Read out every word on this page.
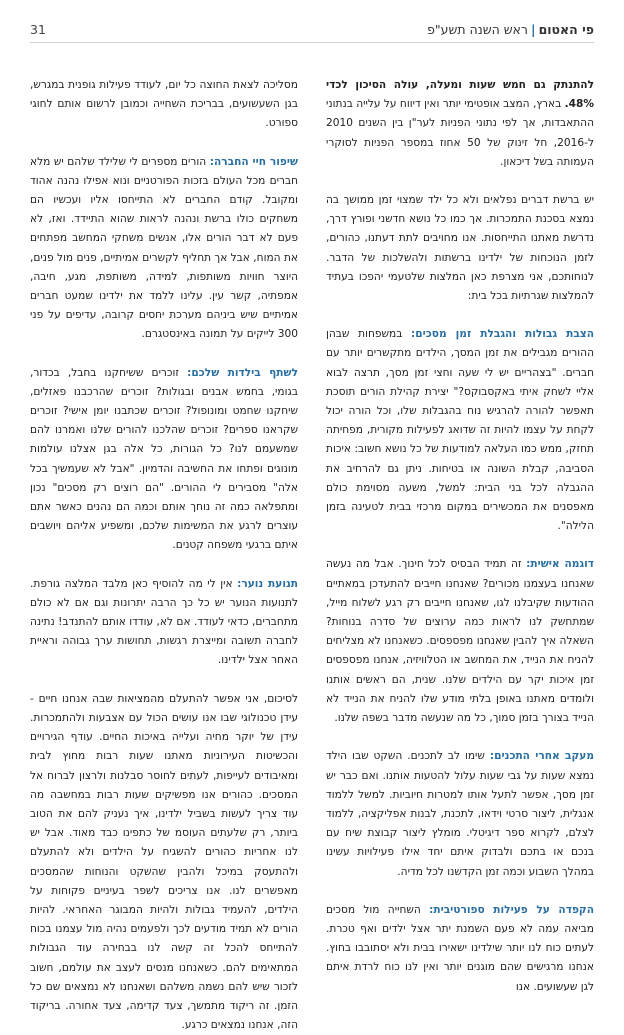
פי האטום|ראש השנה תשע"פ
31

להתנתק גם חמש שעות ומעלה, עולה הסיכון לכדי 48%. בארץ, המצב אופטימי יותר ואין דיווח על עלייה בנתוני ההתאבדות, אך לפי נתוני הפניות לער"ן בין השנים 2010 ל-2016, חל זינוק של 50 אחוז במספר הפניות לסוקרי העמותה בשל דיכאון.

יש ברשת דברים נפלאים ולא כל ילד שמצוי זמן ממושך בה נמצא בסכנת התמכרות. אך כמו כל נושא חדשני ופורץ דרך, נדרשת מאתנו התייחסות. אנו מחויבים לתת דעתנו, כהורים, לזמן הנוכחות של ילדינו ברשתות ולהשלכות של הדבר. לנוחותכם, אני מצרפת כאן המלצות שלטעמי יהפכו בעתיד להמלצות שגרתיות בכל בית:

הצבת גבולות והגבלת זמן מסכים: במשפחות שבהן ההורים מגבילים את זמן המסך, הילדים מתקשרים יותר עם חברים. "בצהריים יש לי שעה וחצי זמן מסך, תרצה לבוא אליי לשחק איתי באקסבוקס?" יצירת קהילת הורים תוסכת תאפשר להורה להרגיש נוח בהגבלות שלו, וכל הורה יכול לקחת על עצמו להיות זה שדואג לפעילות מקורית, מפחיתה תחזק, ממש כמו העלאה למודעות של כל נושא חשוב: איכות הסביבה, קבלת השונה או בטיחות. ניתן גם להרחיב את ההגבלה לכל בני הבית: למשל, משעה מסוימת כולם מאפסנים את המכשירים במקום מרכזי בבית לטעינה בזמן הלילה".

דוגמה אישית: זה תמיד הבסיס לכל חינוך. אבל מה נעשה שאנחנו בעצמנו מכורים? שאנחנו חייבים להתעדכן במאתיים ההודעות שקיבלנו לגו, שאנחנו חייבים רק רגע לשלוח מייל, שמתחשק לנו לראות כמה ערוצים של סדרה בנוחות? השאלה איך להבין שאנחנו מפספסים. כשאנחנו לא מצליחים להניח את הנייד, את המחשב או הטלוויזיה, אנחנו מפספסים זמן איכות יקר עם הילדים שלנו. שנית, הם ראשים אותנו ולומדים מאתנו באופן בלתי מודע שלו להניח את הנייד לא הנייד בצורך בזמן סמוך, כל מה שנעשה מדבר בשפה שלנו.

מעקב אחרי התכנים: שימו לב לתכנים. השקט שבו הילד נמצא שעות על גבי שעות עלול להטעות אותנו. ואם כבר יש זמן מסך, אפשר לתעל אותו למטרות חיוביות. למשל ללמוד אנגלית, ליצור סרטי וידאו, לתכנת, לבנות אפליקציה, ללמוד לצלם, לקרוא ספר דיגיטלי. מומלץ ליצור קבוצת שיח עם בנכם או בתכם ולבדוק איתם יחד אילו פעילויות עשינו במהלך השבוע וכמה זמן הקדשנו לכל מדיה.

הקפדה על פעילות ספורטיבית: השחייה מול מסכים מביאה עמה לא פעם השמנת יתר אצל ילדים ואף טכרת. לעתים כוח לנו יותר שילדינו ישאירו בבית ולא יסתובבו בחוץ. אנחנו מרגישים שהם מוגנים יותר ואין לנו כוח לרדת איתם לגן שעשועים. אנו

מסליכה לצאת החוצה כל יום, לעודד פעילות גופנית במגרש, בגן השעשועים, בבריכת השחייה וכמובן לרשום אותם לחוגי ספורט.

שיפור חיי החברה: הורים מספרים לי שלילד שלהם יש מלא חברים מכל העולם בזכות הפורטניים ונוא אפילו נהנה אהוד ומקובל. קודם החברים לא התייחסו אליו ועכשיו הם משחקים כולו ברשת ונהנה לראות שהוא התיידד. ואז, לא פעם לא דבר הורים אלו, אנשים משחקי המחשב מפתחים את המוח, אבל אך תחליף לקשרים אמיתיים, פנים מול פנים, היוצר חוויות משותפות, למידה, משותפת, מגע, חיבה, אמפתיה, קשר עין. עלינו ללמד את ילדינו שמעט חברים אמיתיים שיש ביניהם מערכת יחסים קרובה, עדיפים על פני 300 לייקים על תמונה באינסטגרם.

לשתף בילדות שלכם: זוכרים ששיחקנו בחבל, בכדור, בגומי, בחמש אבנים ובגולות? זוכרים שהרכבנו פאזלים, שיחקנו שחמט ומונופול? זוכרים שכתבנו יומן אישי? זוכרים שקראנו ספרים? זוכרים שהלכנו להורים שלנו ואמרנו להם שמשעמם לנו? כל הגורות, כל אלה בגן אצלנו עולמות מונוגים ופתחו את החשיבה והדמיון. "אבל לא שעמשיך בכל אלה" מסבירים לי ההורים. "הם רוצים רק מסכים" נכון ומתפלאה כמה זה נוחך אותם וכמה הם נהנים כאשר אתם עוצרים לרגע את המשימות שלכם, ומשפיע אליהם ויושבים איתם ברגעי משפחה קטנים.

תנועת נוער: אין לי מה להוסיף כאן מלבד המלצה גורפת. לתנועות הנוער יש כל כך הרבה יתרונות וגם אם לא כולם מתחברים, כדאי לעודד. אם לא, עודדו אותם להתנדב! נתינה לחברה תשובה ומייצרת רגשות, תחושות ערך גבוהה וראיית האחר אצל ילדינו.

לסיכום, אני אפשר להתעלם מהמציאות שבה אנחנו חיים - עידן טכנולוגי שבו אנו עושים הכול עם אצבעות ולהתמכרות. עידן של יוקר מחיה ועלייה באיכות החיים. עודף הגירויים והכשיטות העירוניות מאתנו שעות רבות מחוץ לבית ומאיבודים לעייפות, לעתים לחוסר סבלנות ולרצון לברוח אל המסכים. כהורים אנו מפשיקים שעות רבות במחשבה מה עוד צריך לעשות בשביל ילדינו, איך נעניק להם את הטוב ביותר, רק שלעתים העוסמ של כתפינו כבד מאוד. אבל יש לנו אחריות כהורים להשגיח על הילדים ולא להתעלם ולהתעסק במיכל ולהבין שהשקט והנוחות שהמסכים מאפשרים לנו. אנו צריכים לשפר בעיניים פקוחות על הילדים, להעמיד גבולות ולהיות המבוגר האחראי. להיות הורים לא תמיד מודעים לכך ולפעמים נהיה מול עצמנו בכוח להתייחס להכל זה קשה לנו בבחירה עוד הגבולות המתאימים להם. כשאנחנו מנסים לעצב את עולמם, חשוב לזכור שיש להם נשמה משלהם ושאנחנו לא נמצאים שם כל הזמן. זה ריקוד מתמשך, צעד קדימה, צעד אחורה. בריקוד הזה, אנחנו נמצאים כרגע.
